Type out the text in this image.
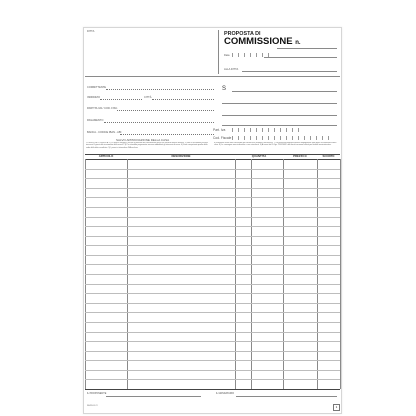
DITTA	PROPOSTA DI
COMMISSIONE n.
Data
ALLA DITTA
COMMITTENTE
INDIRIZZO	CITTÀ
PARTITA IVA / COD. FISC.
PAGAMENTO
BANCA - CODICE IBAN - ABI
SALVO APPROVAZIONE DELLA CASA
S
Part. Iva
Cod. Fiscale
CONDIZIONI DI VENDITA: 1) La merce viaggia a rischio e pericolo del committente anche se venduta franco destino. 2) Non si accettano reclami trascorsi 8 giorni dal ricevimento della merce. 3) Per ritardato pagamento saranno addebitati gli interessi di mora. 4) Foro competente quello della sede della ditta venditrice. 5) I prezzi si intendono IVA esclusa.
6) Eventuali sconti non concordati per iscritto non saranno riconosciuti. 7) La presente proposta diventa impegnativa solo dopo l'accettazione della casa. 8) Le consegne sono indicative e non vincolanti. 9) Ai sensi del D.Lgs. 196/2003 i dati forniti saranno trattati per finalità amministrative.
ARTICOLO	DESCRIZIONE	QUANTITÀ	PREZZO €	SCONTO
IL PROPONENTE	IL MANDATARIO
DU1101 C/	1
